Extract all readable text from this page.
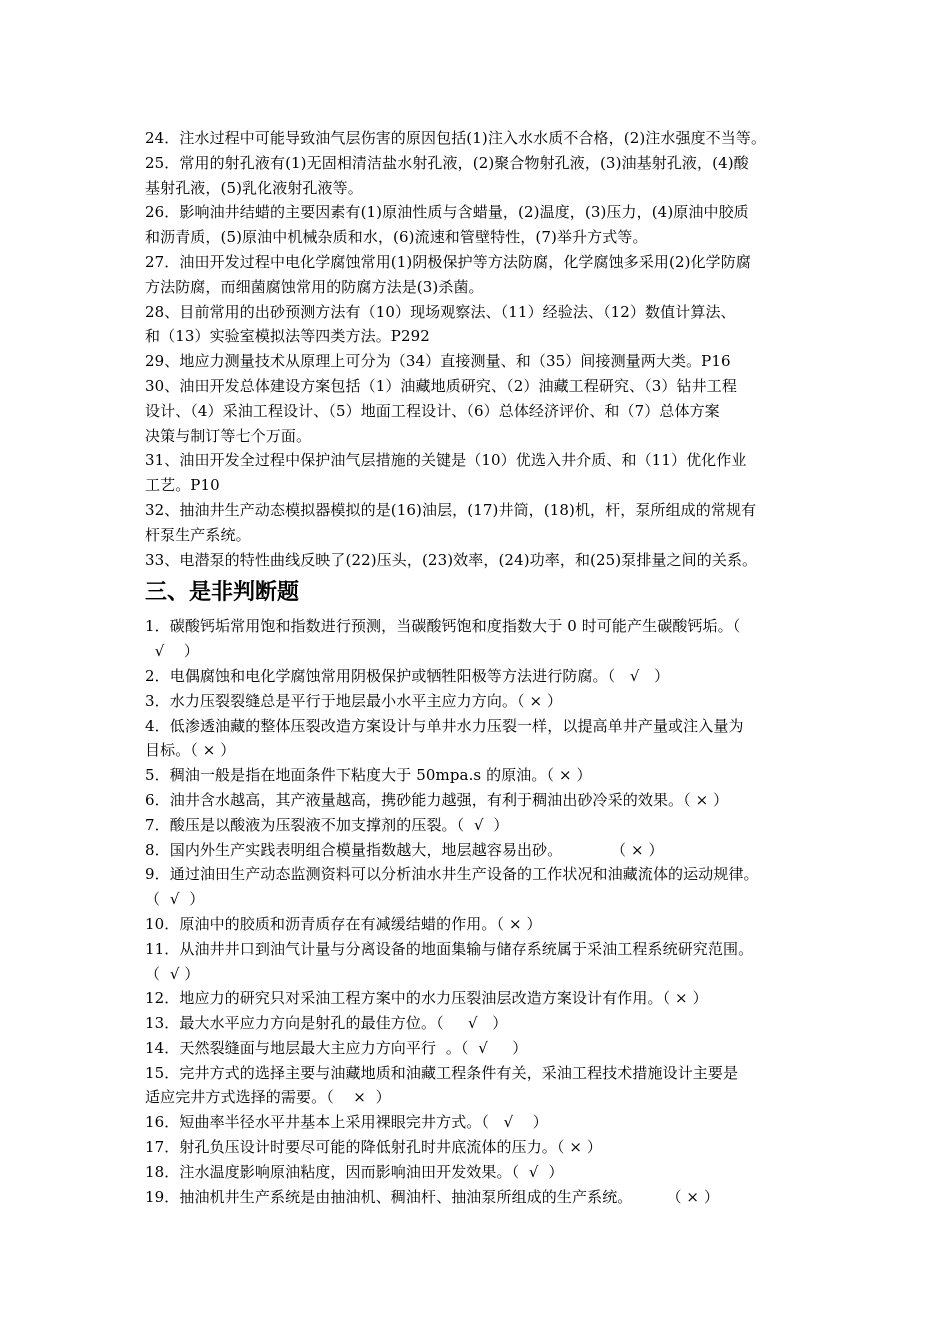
24．注水过程中可能导致油气层伤害的原因包括(1)注入水水质不合格，(2)注水强度不当等。
25．常用的射孔液有(1)无固相清洁盐水射孔液，(2)聚合物射孔液，(3)油基射孔液，(4)酸
基射孔液，(5)乳化液射孔液等。
26．影响油井结蜡的主要因素有(1)原油性质与含蜡量，(2)温度，(3)压力，(4)原油中胶质
和沥青质，(5)原油中机械杂质和水，(6)流速和管壁特性，(7)举升方式等。
27．油田开发过程中电化学腐蚀常用(1)阴极保护等方法防腐，化学腐蚀多采用(2)化学防腐
方法防腐，而细菌腐蚀常用的防腐方法是(3)杀菌。
28、目前常用的出砂预测方法有（10）现场观察法、（11）经验法、（12）数值计算法、
和（13）实验室模拟法等四类方法。P292
29、地应力测量技术从原理上可分为（34）直接测量、和（35）间接测量两大类。P16
30、油田开发总体建设方案包括（1）油藏地质研究、（2）油藏工程研究、（3）钻井工程
设计、（4）采油工程设计、（5）地面工程设计、（6）总体经济评价、和（7）总体方案
决策与制订等七个万面。
31、油田开发全过程中保护油气层措施的关键是（10）优选入井介质、和（11）优化作业
工艺。P10
32、抽油井生产动态模拟器模拟的是(16)油层，(17)井筒，(18)机，杆，泵所组成的常规有
杆泵生产系统。
33、电潜泵的特性曲线反映了(22)压头，(23)效率，(24)功率，和(25)泵排量之间的关系。
三、是非判断题
1．碳酸钙垢常用饱和指数进行预测，当碳酸钙饱和度指数大于 0 时可能产生碳酸钙垢。（
√    ）
2．电偶腐蚀和电化学腐蚀常用阴极保护或牺牲阳极等方法进行防腐。（   √   ）
3．水力压裂裂缝总是平行于地层最小水平主应力方向。（ × ）
4．低渗透油藏的整体压裂改造方案设计与单井水力压裂一样，以提高单井产量或注入量为
目标。（ × ）
5．稠油一般是指在地面条件下粘度大于 50mpa.s 的原油。（ × ）
6．油井含水越高，其产液量越高，携砂能力越强，有利于稠油出砂冷采的效果。（ × ）
7．酸压是以酸液为压裂液不加支撑剂的压裂。（  √  ）
8．国内外生产实践表明组合模量指数越大，地层越容易出砂。          （ × ）
9．通过油田生产动态监测资料可以分析油水井生产设备的工作状况和油藏流体的运动规律。
（  √  ）
10．原油中的胶质和沥青质存在有减缓结蜡的作用。（ × ）
11．从油井井口到油气计量与分离设备的地面集输与储存系统属于采油工程系统研究范围。
（  √ ）
12．地应力的研究只对采油工程方案中的水力压裂油层改造方案设计有作用。（ × ）
13．最大水平应力方向是射孔的最佳方位。（     √   ）
14．天然裂缝面与地层最大主应力方向平行  。（  √     ）
15．完井方式的选择主要与油藏地质和油藏工程条件有关，采油工程技术措施设计主要是
适应完井方式选择的需要。（    ×  ）
16．短曲率半径水平井基本上采用裸眼完井方式。（   √    ）
17．射孔负压设计时要尽可能的降低射孔时井底流体的压力。（ × ）
18．注水温度影响原油粘度，因而影响油田开发效果。（  √  ）
19．抽油机井生产系统是由抽油机、稠油杆、抽油泵所组成的生产系统。       （ × ）
